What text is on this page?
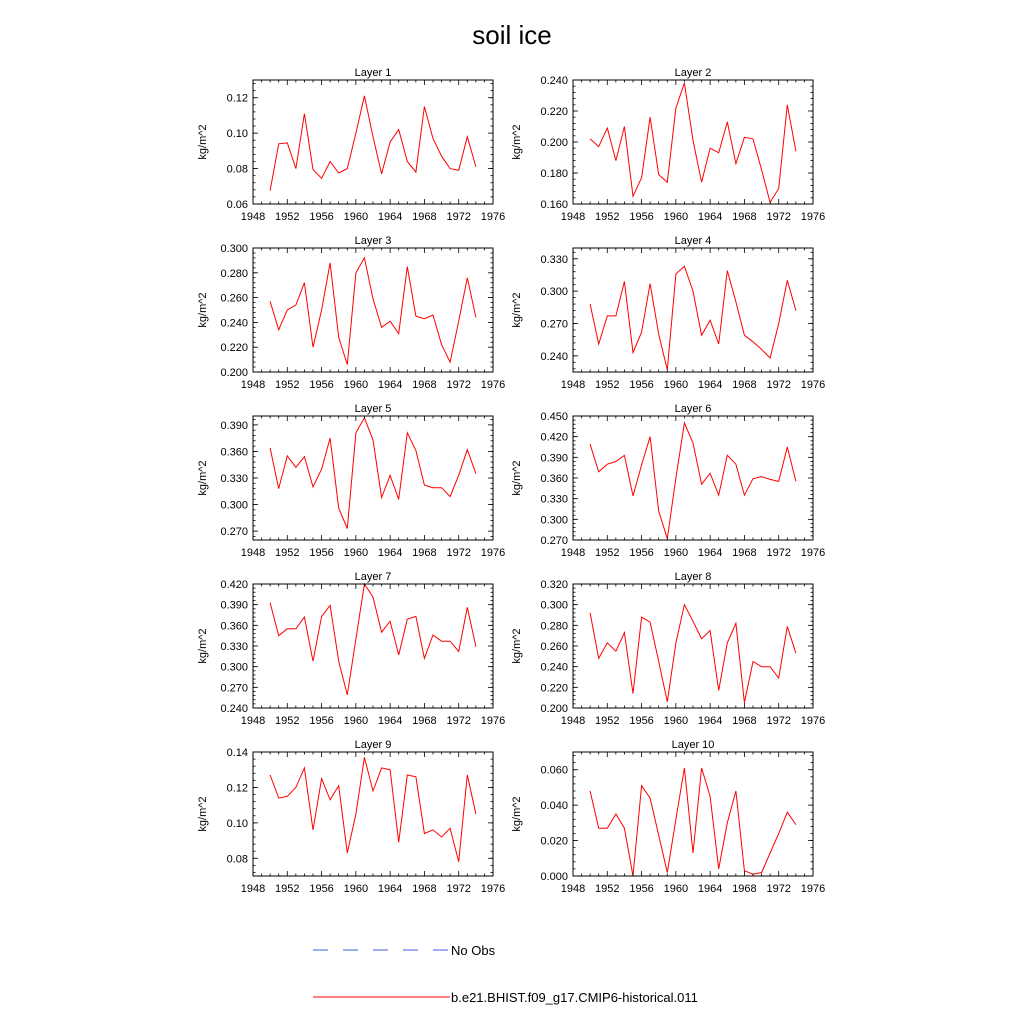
soil ice
Layer 1
1948 1952 1956 1960 1964 1968 1972 1976
0.06
0.08
0.10
0.12
kg/m^2
Layer 2
1948 1952 1956 1960 1964 1968 1972 1976
0.160
0.180
0.200
0.220
0.240
kg/m^2
Layer 3
1948 1952 1956 1960 1964 1968 1972 1976
0.200
0.220
0.240
0.260
0.280
0.300
kg/m^2
Layer 4
1948 1952 1956 1960 1964 1968 1972 1976
0.240
0.270
0.300
0.330
kg/m^2
Layer 5
1948 1952 1956 1960 1964 1968 1972 1976
0.270
0.300
0.330
0.360
0.390
kg/m^2
Layer 6
1948 1952 1956 1960 1964 1968 1972 1976
0.270
0.300
0.330
0.360
0.390
0.420
0.450
kg/m^2
Layer 7
1948 1952 1956 1960 1964 1968 1972 1976
0.240
0.270
0.300
0.330
0.360
0.390
0.420
kg/m^2
Layer 8
1948 1952 1956 1960 1964 1968 1972 1976
0.200
0.220
0.240
0.260
0.280
0.300
0.320
kg/m^2
Layer 9
1948 1952 1956 1960 1964 1968 1972 1976
0.08
0.10
0.12
0.14
kg/m^2
Layer 10
1948 1952 1956 1960 1964 1968 1972 1976
0.000
0.020
0.040
0.060
kg/m^2
No Obs
b.e21.BHIST.f09_g17.CMIP6-historical.011
